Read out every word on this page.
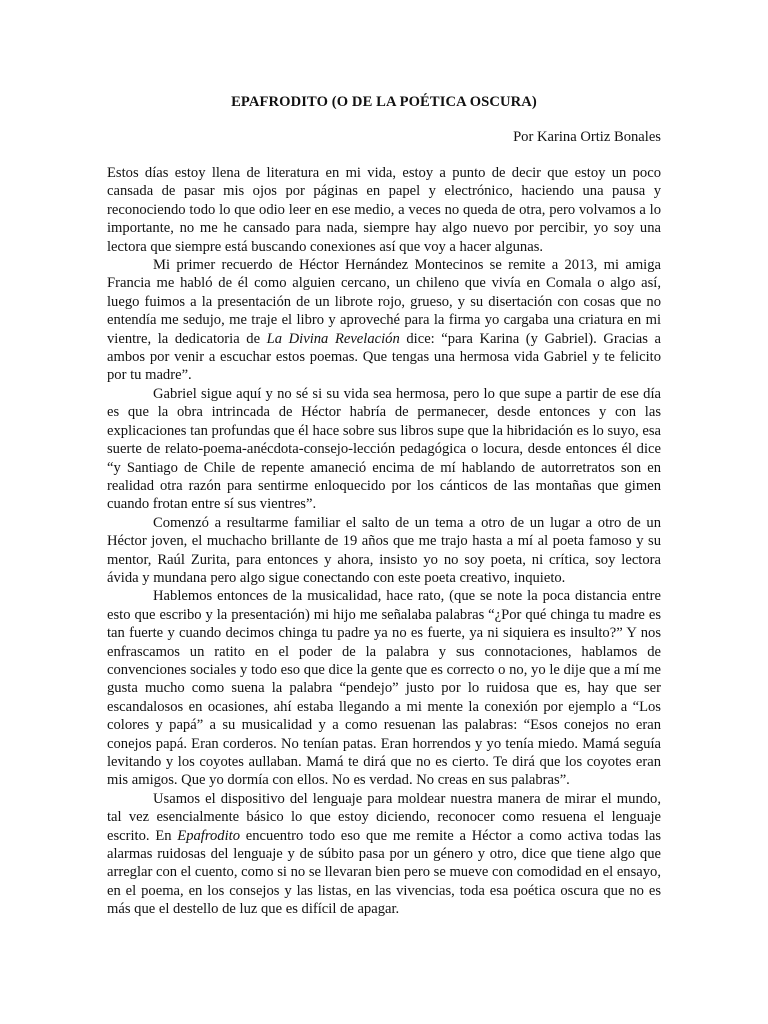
EPAFRODITO (O DE LA POÉTICA OSCURA)
Por Karina Ortiz Bonales

Estos días estoy llena de literatura en mi vida, estoy a punto de decir que estoy un poco cansada de pasar mis ojos por páginas en papel y electrónico, haciendo una pausa y reconociendo todo lo que odio leer en ese medio, a veces no queda de otra, pero volvamos a lo importante, no me he cansado para nada, siempre hay algo nuevo por percibir, yo soy una lectora que siempre está buscando conexiones así que voy a hacer algunas.

Mi primer recuerdo de Héctor Hernández Montecinos se remite a 2013, mi amiga Francia me habló de él como alguien cercano, un chileno que vivía en Comala o algo así, luego fuimos a la presentación de un librote rojo, grueso, y su disertación con cosas que no entendía me sedujo, me traje el libro y aproveché para la firma yo cargaba una criatura en mi vientre, la dedicatoria de La Divina Revelación dice: “para Karina (y Gabriel). Gracias a ambos por venir a escuchar estos poemas. Que tengas una hermosa vida Gabriel y te felicito por tu madre”.

Gabriel sigue aquí y no sé si su vida sea hermosa, pero lo que supe a partir de ese día es que la obra intrincada de Héctor habría de permanecer, desde entonces y con las explicaciones tan profundas que él hace sobre sus libros supe que la hibridación es lo suyo, esa suerte de relato-poema-anécdota-consejo-lección pedagógica o locura, desde entonces él dice “y Santiago de Chile de repente amaneció encima de mí hablando de autorretratos son en realidad otra razón para sentirme enloquecido por los cánticos de las montañas que gimen cuando frotan entre sí sus vientres”.

Comenzó a resultarme familiar el salto de un tema a otro de un lugar a otro de un Héctor joven, el muchacho brillante de 19 años que me trajo hasta a mí al poeta famoso y su mentor, Raúl Zurita, para entonces y ahora, insisto yo no soy poeta, ni crítica, soy lectora ávida y mundana pero algo sigue conectando con este poeta creativo, inquieto.

Hablemos entonces de la musicalidad, hace rato, (que se note la poca distancia entre esto que escribo y la presentación) mi hijo me señalaba palabras “¿Por qué chinga tu madre es tan fuerte y cuando decimos chinga tu padre ya no es fuerte, ya ni siquiera es insulto?” Y nos enfrascamos un ratito en el poder de la palabra y sus connotaciones, hablamos de convenciones sociales y todo eso que dice la gente que es correcto o no, yo le dije que a mí me gusta mucho como suena la palabra “pendejo” justo por lo ruidosa que es, hay que ser escandalosos en ocasiones, ahí estaba llegando a mi mente la conexión por ejemplo a “Los colores y papá” a su musicalidad y a como resuenan las palabras: “Esos conejos no eran conejos papá. Eran corderos. No tenían patas. Eran horrendos y yo tenía miedo. Mamá seguía levitando y los coyotes aullaban. Mamá te dirá que no es cierto. Te dirá que los coyotes eran mis amigos. Que yo dormía con ellos. No es verdad. No creas en sus palabras”.

Usamos el dispositivo del lenguaje para moldear nuestra manera de mirar el mundo, tal vez esencialmente básico lo que estoy diciendo, reconocer como resuena el lenguaje escrito. En Epafrodito encuentro todo eso que me remite a Héctor a como activa todas las alarmas ruidosas del lenguaje y de súbito pasa por un género y otro, dice que tiene algo que arreglar con el cuento, como si no se llevaran bien pero se mueve con comodidad en el ensayo, en el poema, en los consejos y las listas, en las vivencias, toda esa poética oscura que no es más que el destello de luz que es difícil de apagar.
